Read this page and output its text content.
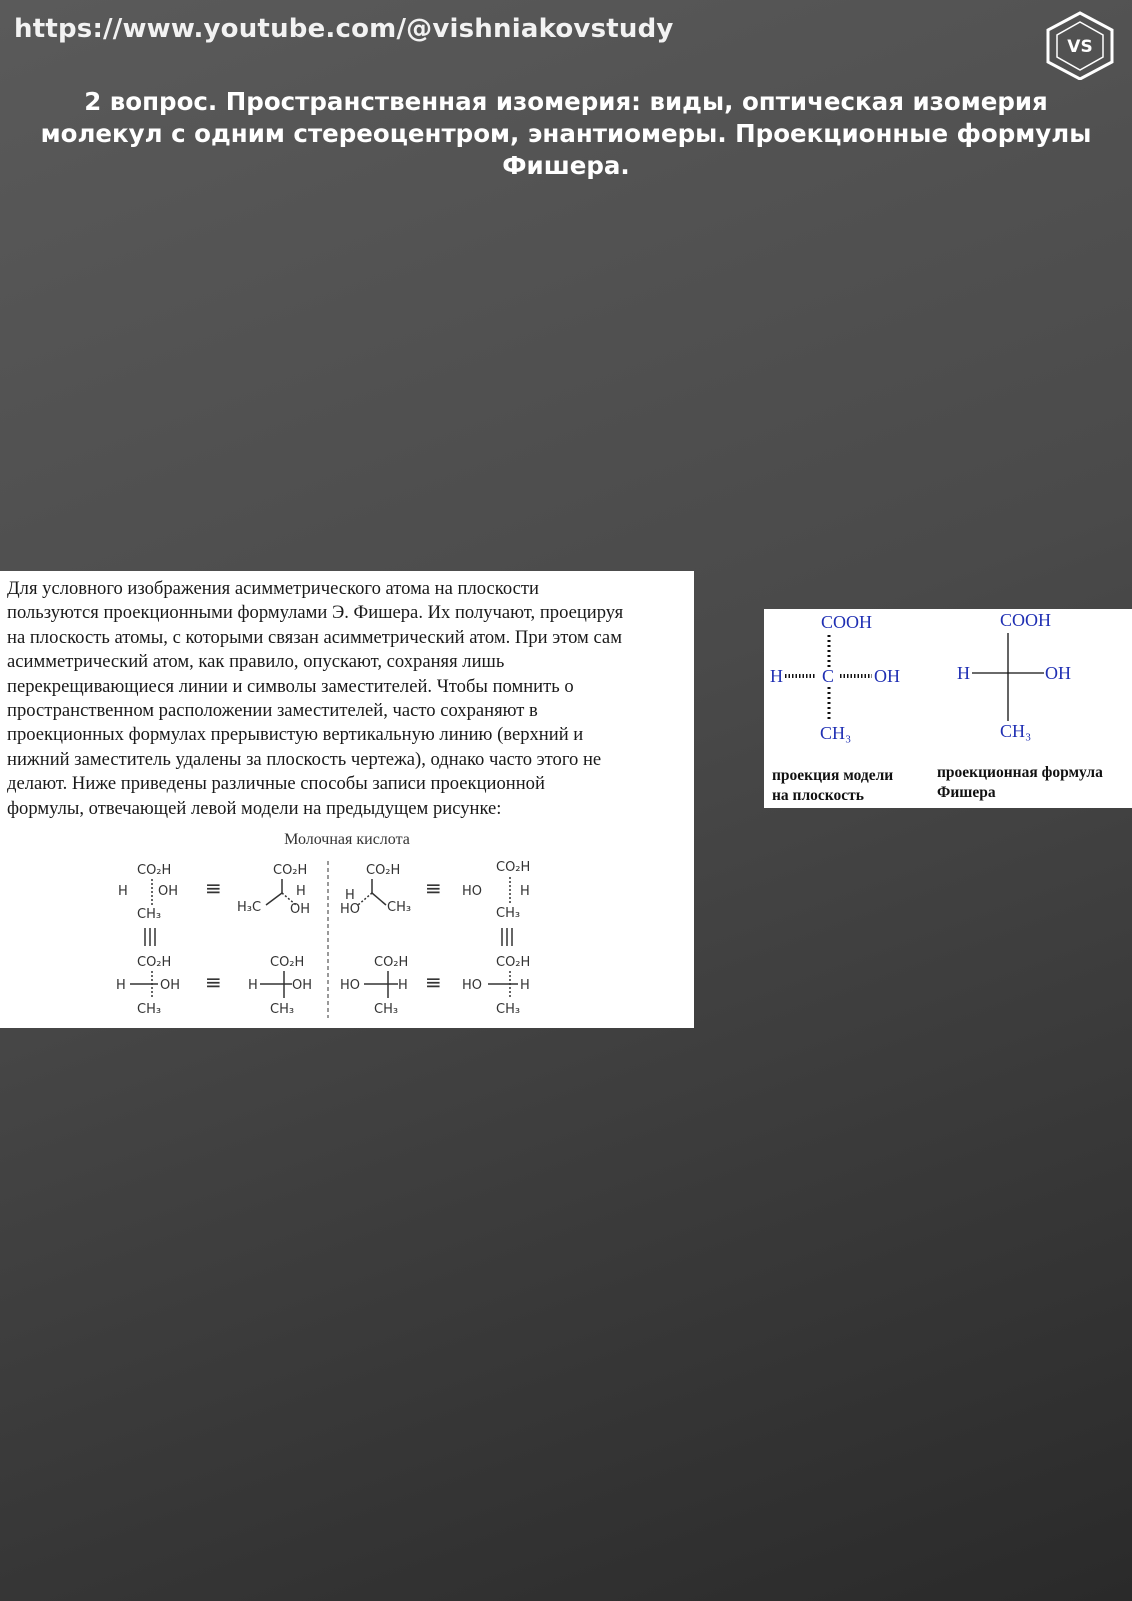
https://www.youtube.com/@vishniakovstudy
VS
2 вопрос. Пространственная изомерия: виды, оптическая изомерия молекул с одним стереоцентром, энантиомеры. Проекционные формулы Фишера.
Для условного изображения асимметрического атома на плоскости
пользуются проекционными формулами Э. Фишера. Их получают, проецируя
на плоскость атомы, с которыми связан асимметрический атом. При этом сам
асимметрический атом, как правило, опускают, сохраняя лишь
перекрещивающиеся линии и символы заместителей. Чтобы помнить о
пространственном расположении заместителей, часто сохраняют в
проекционных формулах прерывистую вертикальную линию (верхний и
нижний заместитель удалены за плоскость чертежа), однако часто этого не
делают. Ниже приведены различные способы записи проекционной
формулы, отвечающей левой модели на предыдущем рисунке:
Молочная кислота
CO₂H
H OH
CH₃
≡
CO₂H
H
H₃C OH
CO₂H
H
HO CH₃
≡
CO₂H
HO	H
CH₃
CO₂H
H	OH
CH₃
≡
CO₂H
H	OH
CH₃
CO₂H
HO	H
CH₃
≡
CO₂H
HO	H
CH₃
COOH
H C OH
CH₃
COOH
H	OH
CH₃
проекция модели
на плоскость
проекционная формула
Фишера
